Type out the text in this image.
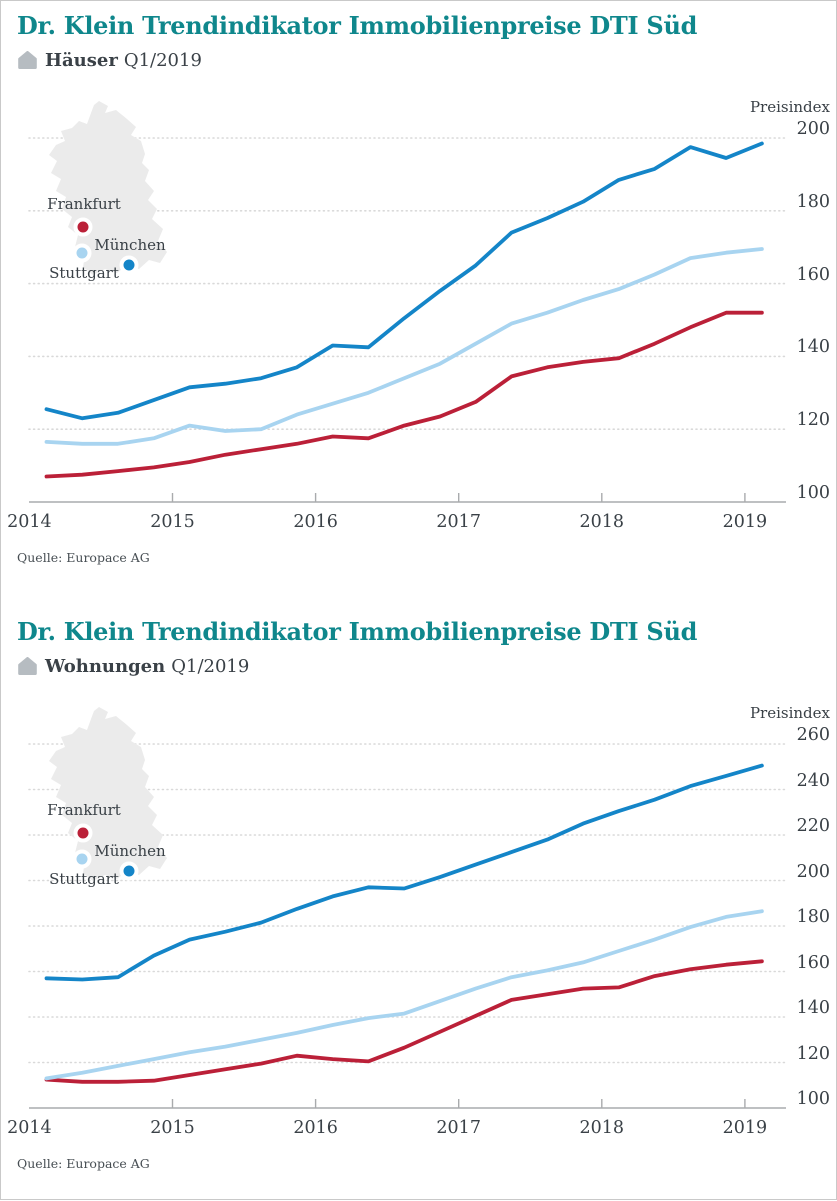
Dr. Klein Trendindikator Immobilienpreise DTI Süd
Häuser Q1/2019
Preisindex
Frankfurt
München
Stuttgart
Quelle: Europace AG
100
120
140
160
180
200
2014	2015	2016	2017	2018	2019
Dr. Klein Trendindikator Immobilienpreise DTI Süd
Wohnungen Q1/2019
Preisindex
Frankfurt
München
Stuttgart
Quelle: Europace AG
100
120
140
160
180
200
220
240
260
2014	2015	2016	2017	2018	2019
